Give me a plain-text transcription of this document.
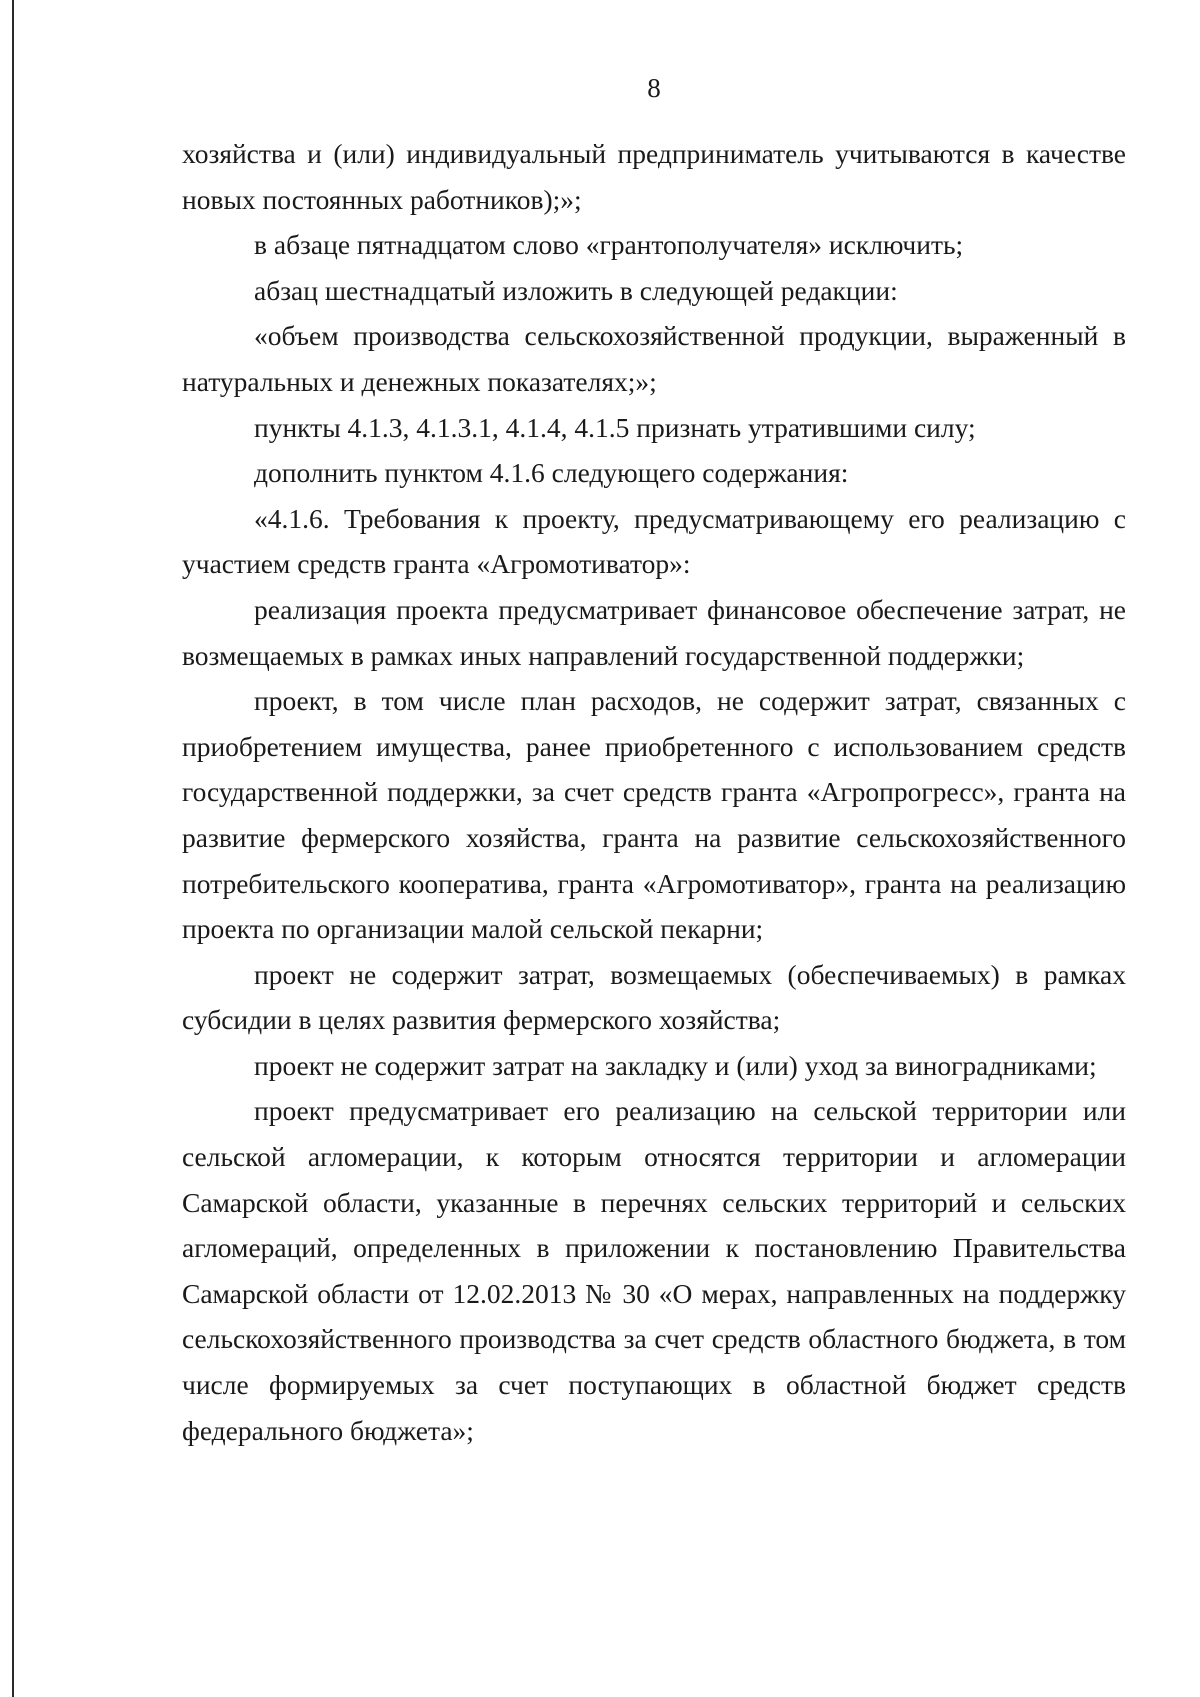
8

хозяйства и (или) индивидуальный предприниматель учитываются в качестве новых постоянных работников);»;

в абзаце пятнадцатом слово «грантополучателя» исключить;

абзац шестнадцатый изложить в следующей редакции:

«объем производства сельскохозяйственной продукции, выраженный в натуральных и денежных показателях;»;

пункты 4.1.3, 4.1.3.1, 4.1.4, 4.1.5 признать утратившими силу;

дополнить пунктом 4.1.6 следующего содержания:

«4.1.6. Требования к проекту, предусматривающему его реализацию с участием средств гранта «Агромотиватор»:

реализация проекта предусматривает финансовое обеспечение затрат, не возмещаемых в рамках иных направлений государственной поддержки;

проект, в том числе план расходов, не содержит затрат, связанных с приобретением имущества, ранее приобретенного с использованием средств государственной поддержки, за счет средств гранта «Агропрогресс», гранта на развитие фермерского хозяйства, гранта на развитие сельскохозяйственного потребительского кооператива, гранта «Агромотиватор», гранта на реализацию проекта по организации малой сельской пекарни;

проект не содержит затрат, возмещаемых (обеспечиваемых) в рамках субсидии в целях развития фермерского хозяйства;

проект не содержит затрат на закладку и (или) уход за виноградниками;

проект предусматривает его реализацию на сельской территории или сельской агломерации, к которым относятся территории и агломерации Самарской области, указанные в перечнях сельских территорий и сельских агломераций, определенных в приложении к постановлению Правительства Самарской области от 12.02.2013 № 30 «О мерах, направленных на поддержку сельскохозяйственного производства за счет средств областного бюджета, в том числе формируемых за счет поступающих в областной бюджет средств федерального бюджета»;
